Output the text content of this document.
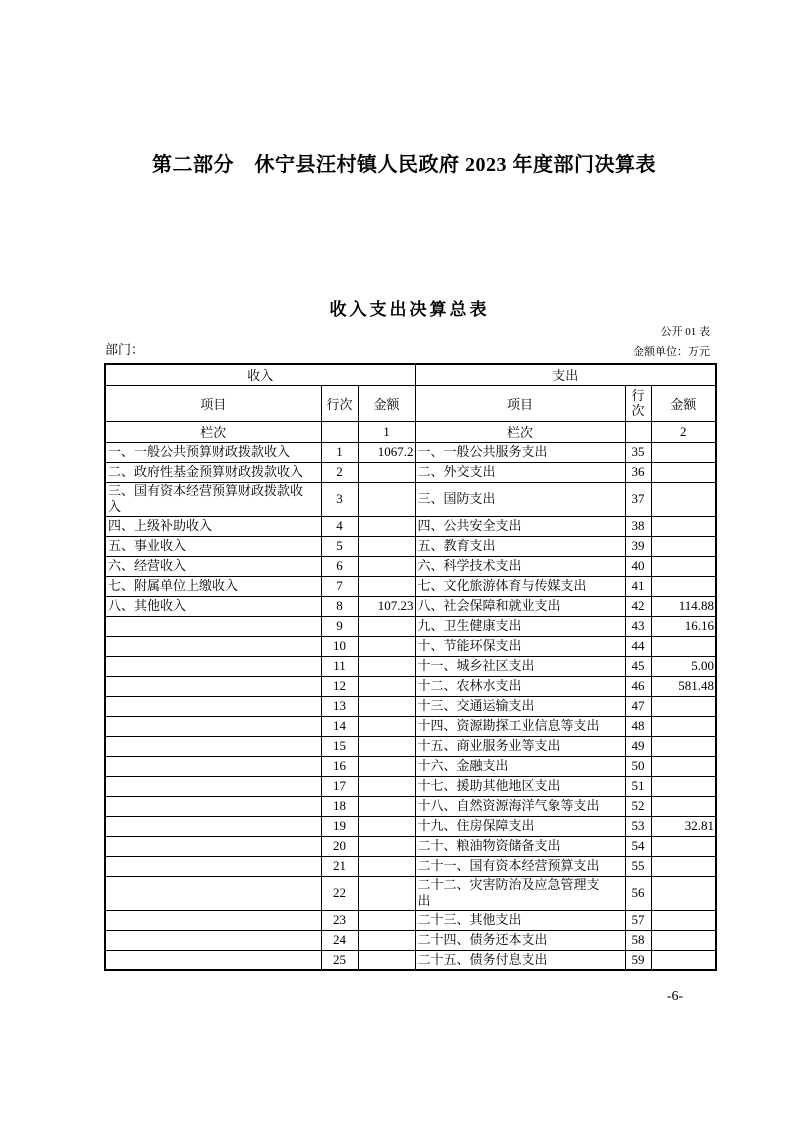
第二部分　休宁县汪村镇人民政府 2023 年度部门决算表
收入支出决算总表
公开 01 表
部门：	金额单位：万元
收入			支出		
项目	行次	金额	项目	行次	金额
栏次		1	栏次		2

一、一般公共预算财政拨款收入	1	1067.2	一、一般公共服务支出	35	

二、政府性基金预算财政拨款收入	2		二、外交支出	36	

三、国有资本经营预算财政拨款收入	3		三、国防支出	37	

四、上级补助收入	4		四、公共安全支出	38	

五、事业收入	5		五、教育支出	39	

六、经营收入	6		六、科学技术支出	40	

七、附属单位上缴收入	7		七、文化旅游体育与传媒支出	41	

八、其他收入	8	107.23	八、社会保障和就业支出	42	114.88

	9		九、卫生健康支出	43	16.16

	10		十、节能环保支出	44	

	11		十一、城乡社区支出	45	5.00

	12		十二、农林水支出	46	581.48

	13		十三、交通运输支出	47	

	14		十四、资源勘探工业信息等支出	48	

	15		十五、商业服务业等支出	49	

	16		十六、金融支出	50	

	17		十七、援助其他地区支出	51	

	18		十八、自然资源海洋气象等支出	52	

	19		十九、住房保障支出	53	32.81

	20		二十、粮油物资储备支出	54	

	21		二十一、国有资本经营预算支出	55	

	22		二十二、灾害防治及应急管理支出	56	

	23		二十三、其他支出	57	

	24		二十四、债务还本支出	58	

	25		二十五、债务付息支出	59	
-6-
